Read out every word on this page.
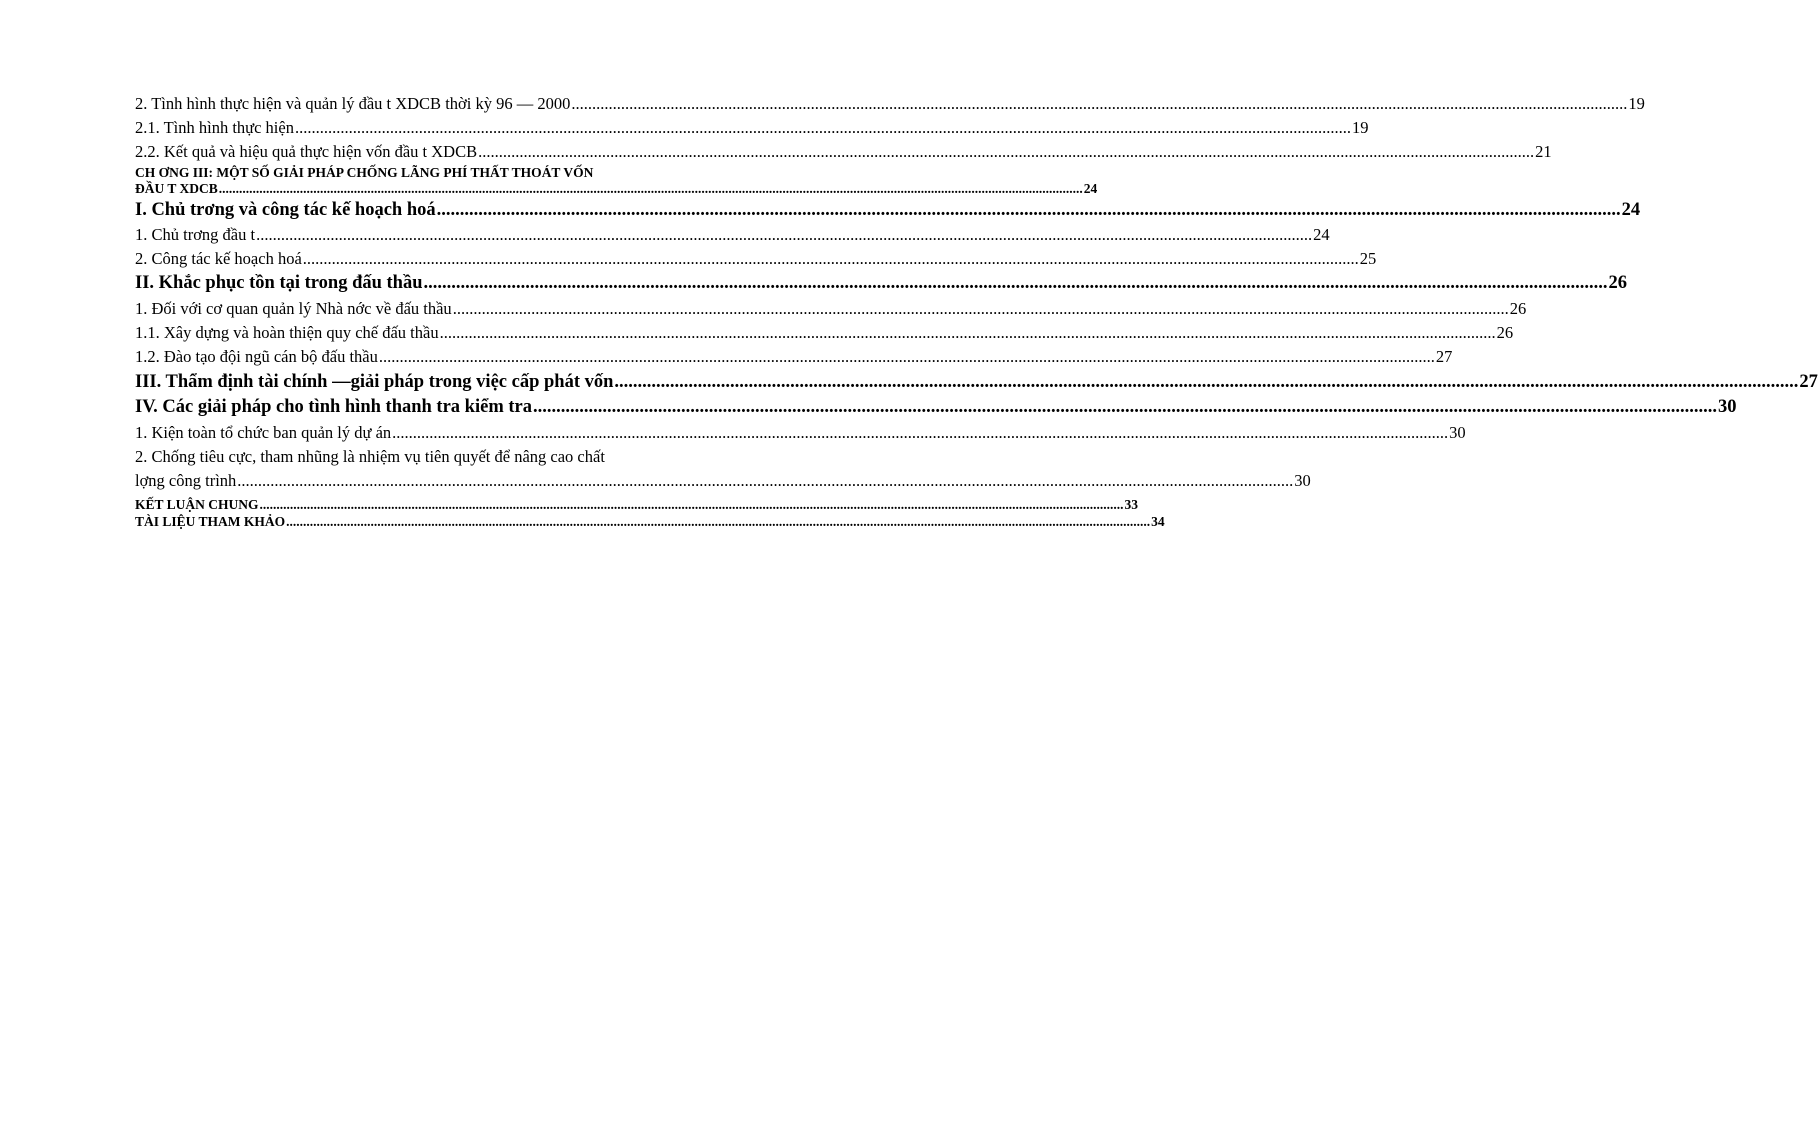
2. Tình hình thực hiện và quản lý đầu t XDCB thời kỳ 96 — 2000 .....	19
2.1. Tình hình thực hiện .....	19
2.2. Kết quả và hiệu quả thực hiện vốn đầu t XDCB .....	21
CH ƠNG III: MỘT SỐ GIẢI PHÁP CHỐNG LÃNG PHÍ THẤT THOÁT VỐN
ĐẦU T XDCB .....	24
I. Chủ trơng và công tác kế hoạch hoá .....	24
1. Chủ trơng đầu t .....	24
2. Công tác kế hoạch hoá .....	25
II. Khắc phục tồn tại trong đấu thầu .....	26
1. Đối với cơ quan quản lý Nhà nớc về đấu thầu .....	26
1.1. Xây dựng và hoàn thiện quy chế đấu thầu .....	26
1.2. Đào tạo đội ngũ cán bộ đấu thầu .....	27
III. Thẩm định tài chính —giải pháp trong việc cấp phát vốn .....	27
IV. Các giải pháp cho tình hình thanh tra kiểm tra .....	30
1. Kiện toàn tổ chức ban quản lý dự án .....	30
2. Chống tiêu cực, tham nhũng là nhiệm vụ tiên quyết để nâng cao chất
lợng công trình .....	30
KẾT LUẬN CHUNG .....	33
TÀI LIỆU THAM KHẢO .....	34
